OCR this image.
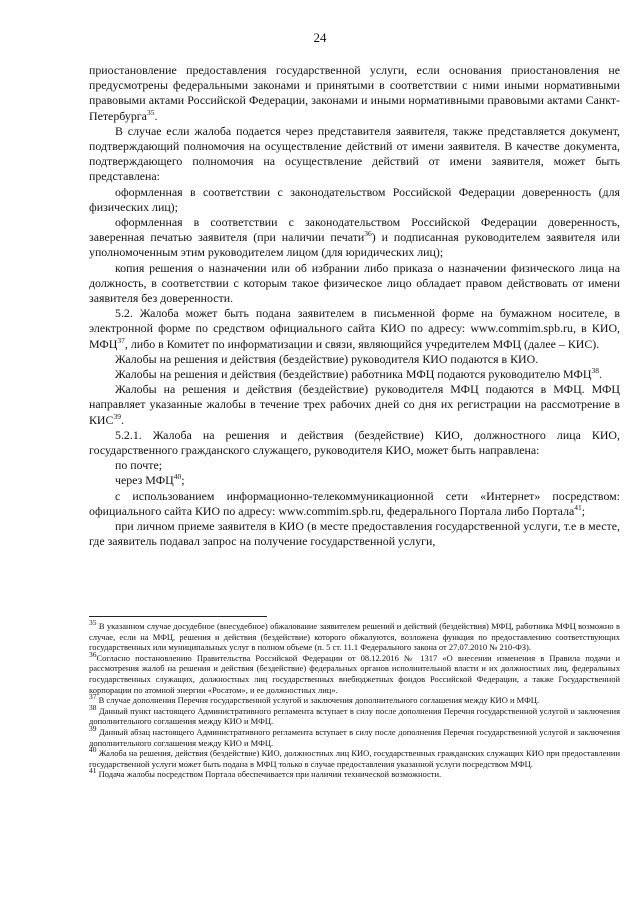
24

приостановление предоставления государственной услуги, если основания приостановления не предусмотрены федеральными законами и принятыми в соответствии с ними иными нормативными правовыми актами Российской Федерации, законами и иными нормативными правовыми актами Санкт-Петербурга$^{35}$.

В случае если жалоба подается через представителя заявителя, также представляется документ, подтверждающий полномочия на осуществление действий от имени заявителя. В качестве документа, подтверждающего полномочия на осуществление действий от имени заявителя, может быть представлена:

оформленная в соответствии с законодательством Российской Федерации доверенность (для физических лиц);

оформленная в соответствии с законодательством Российской Федерации доверенность, заверенная печатью заявителя (при наличии печати$^{36}$) и подписанная руководителем заявителя или уполномоченным этим руководителем лицом (для юридических лиц);

копия решения о назначении или об избрании либо приказа о назначении физического лица на должность, в соответствии с которым такое физическое лицо обладает правом действовать от имени заявителя без доверенности.

5.2. Жалоба может быть подана заявителем в письменной форме на бумажном носителе, в электронной форме по средством официального сайта КИО по адресу: www.commim.spb.ru, в КИО, МФЦ$^{37}$, либо в Комитет по информатизации и связи, являющийся учредителем МФЦ (далее – КИС).

Жалобы на решения и действия (бездействие) руководителя КИО подаются в КИО.

Жалобы на решения и действия (бездействие) работника МФЦ подаются руководителю МФЦ$^{38}$.

Жалобы на решения и действия (бездействие) руководителя МФЦ подаются в МФЦ. МФЦ направляет указанные жалобы в течение трех рабочих дней со дня их регистрации на рассмотрение в КИС$^{39}$.

5.2.1. Жалоба на решения и действия (бездействие) КИО, должностного лица КИО, государственного гражданского служащего, руководителя КИО, может быть направлена:

по почте;

через МФЦ$^{40}$;

с использованием информационно-телекоммуникационной сети «Интернет» посредством: официального сайта КИО по адресу: www.commim.spb.ru, федерального Портала либо Портала$^{41}$;

при личном приеме заявителя в КИО (в месте предоставления государственной услуги, т.е в месте, где заявитель подавал запрос на получение государственной услуги,

$^{35}$ В указанном случае досудебное (внесудебное) обжалование заявителем решений и действий (бездействия) МФЦ, работника МФЦ возможно в случае, если на МФЦ, решения и действия (бездействие) которого обжалуются, возложена функция по предоставлению соответствующих государственных или муниципальных услуг в полном объеме (п. 5 ст. 11.1 Федерального закона от 27.07.2010 № 210-ФЗ).

$^{36}$Согласно постановлению Правительства Российской Федерации от 08.12.2016 № 1317 «О внесении изменения в Правила подачи и рассмотрения жалоб на решения и действия (бездействие) федеральных органов исполнительной власти и их должностных лиц, федеральных государственных служащих, должностных лиц государственных внебюджетных фондов Российской Федерации, а также Государственной корпорации по атомной энергии «Росатом», и ее должностных лиц».

$^{37}$ В случае дополнения Перечня государственной услугой и заключения дополнительного соглашения между КИО и МФЦ.

$^{38}$ Данный пункт настоящего Административного регламента вступает в силу после дополнения Перечня государственной услугой и заключения дополнительного соглашения между КИО и МФЦ.

$^{39}$ Данный абзац настоящего Административного регламента вступает в силу после дополнения Перечня государственной услугой и заключения дополнительного соглашения между КИО и МФЦ.

$^{40}$ Жалоба на решения, действия (бездействие) КИО, должностных лиц КИО, государственных гражданских служащих КИО при предоставлении государственной услуги может быть подана в МФЦ только в случае предоставления указанной услуги посредством МФЦ.

$^{41}$ Подача жалобы посредством Портала обеспечивается при наличии технической возможности.
